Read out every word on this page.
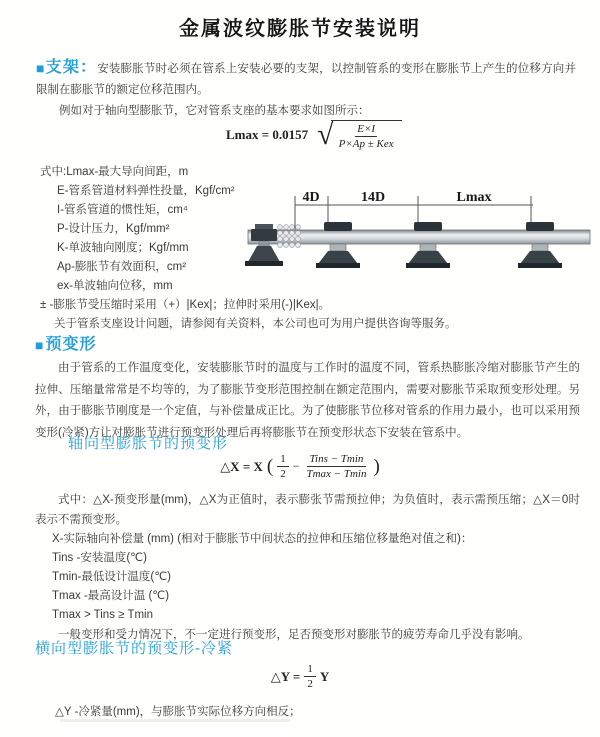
金属波纹膨胀节安装说明
■支架：安装膨胀节时必须在管系上安装必要的支架，以控制管系的变形在膨胀节上产生的位移方向并限制在膨胀节的额定位移范围内。
例如对于轴向型膨胀节，它对管系支座的基本要求如图所示：
Lmax = 0.0157 √ E×I
P×Ap ± Kex
式中:Lmax-最大导向间距，m
E-管系管道材料弹性投量，Kgf/cm²
I-管系管道的惯性矩，cm⁴
P-设计压力，Kgf/mm²
K-单波轴向刚度；Kgf/mm
Ap-膨胀节有效面积，cm²
ex-单波轴向位移，mm
± -膨胀节受压缩时采用（+）|Kex|；拉伸时采用(-)|Kex|。
关于管系支座设计问题，请参阅有关资料，本公司也可为用户提供咨询等服务。
4D	14D	Lmax
■预变形
由于管系的工作温度变化，安装膨胀节时的温度与工作时的温度不同，管系热膨胀冷缩对膨胀节产生的拉伸、压缩量常常是不均等的，为了膨胀节变形范围控制在额定范围内，需要对膨胀节采取预变形处理。另外，由于膨胀节刚度是一个定值，与补偿量成正比。为了使膨胀节位移对管系的作用力最小，也可以采用预变形(冷紧)方让对膨胀节进行预变形处理后再将膨胀节在预变形状态下安装在管系中。
轴向型膨胀节的预变形
△X = X ( $\frac{1}{2} - \frac{\text{Tins − Tmin}}{Tmax - Tmin}$ )
式中：△X-预变形量(mm)，△X为正值时，表示膨张节需预拉伸；为负值时，表示需预压缩；△X＝0时表示不需预变形。
X-实际轴向补偿量 (mm) (相对于膨胀节中间状态的拉伸和压缩位移量绝对值之和)：
Tins -安装温度(℃)
Tmin-最低设计温度(℃)
Tmax -最高设计温 (℃)
Tmax > Tins ≥ Tmin
一般变形和受力情况下，不一定进行预变形，足否预变形对膨胀节的疲劳寿命几乎没有影响。
横向型膨胀节的预变形-冷紧
△Y = $\frac{1}{2}$ Y
△Y -冷紧量(mm)，与膨胀节实际位移方向相反；
